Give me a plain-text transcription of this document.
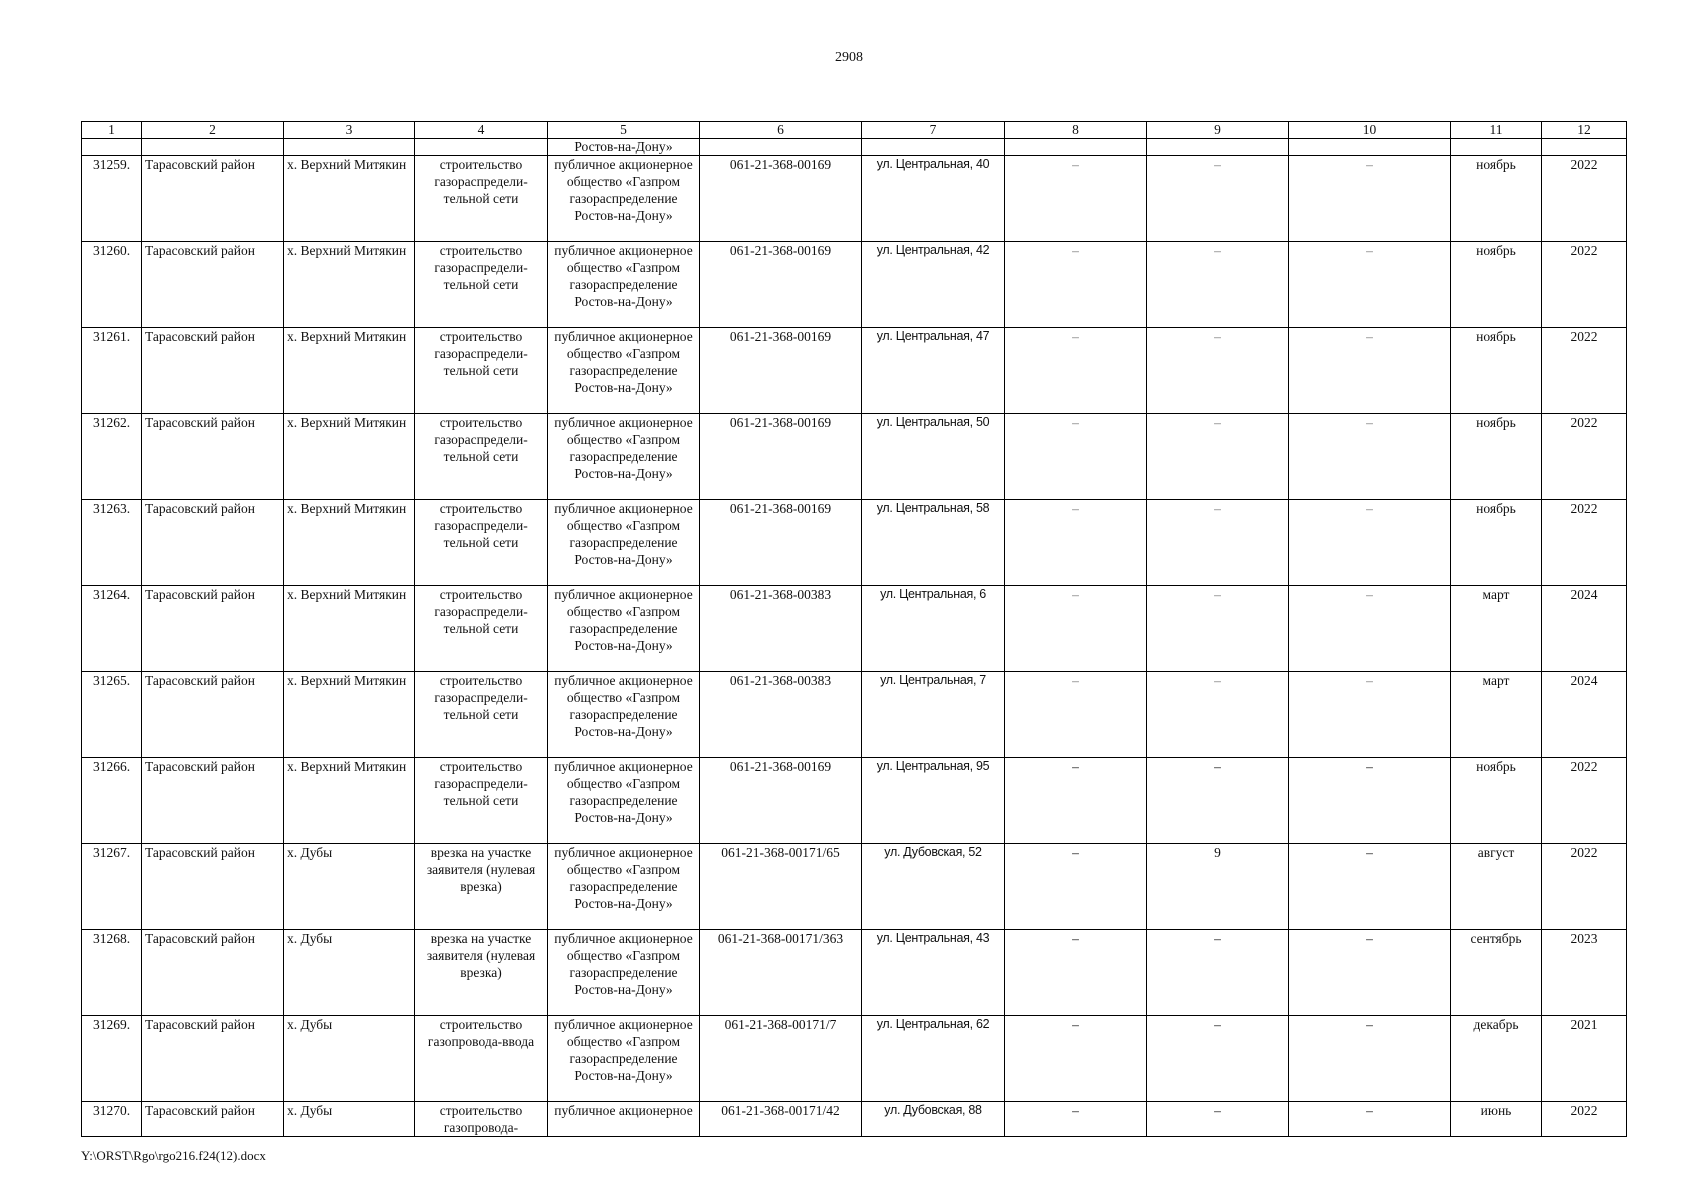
2908
1	2	3	4	5	6	7	8	9	10	11	12
				Ростов-на-Дону»							
31259.	Тарасовский район	х. Верхний Митякин	строительство газораспредели-тельной сети	публичное акционерное общество «Газпром газораспределение Ростов-на-Дону»	061-21-368-00169	ул. Центральная, 40	–	–	–	ноябрь	2022
31260.	Тарасовский район	х. Верхний Митякин	строительство газораспредели-тельной сети	публичное акционерное общество «Газпром газораспределение Ростов-на-Дону»	061-21-368-00169	ул. Центральная, 42	–	–	–	ноябрь	2022
31261.	Тарасовский район	х. Верхний Митякин	строительство газораспредели-тельной сети	публичное акционерное общество «Газпром газораспределение Ростов-на-Дону»	061-21-368-00169	ул. Центральная, 47	–	–	–	ноябрь	2022
31262.	Тарасовский район	х. Верхний Митякин	строительство газораспредели-тельной сети	публичное акционерное общество «Газпром газораспределение Ростов-на-Дону»	061-21-368-00169	ул. Центральная, 50	–	–	–	ноябрь	2022
31263.	Тарасовский район	х. Верхний Митякин	строительство газораспредели-тельной сети	публичное акционерное общество «Газпром газораспределение Ростов-на-Дону»	061-21-368-00169	ул. Центральная, 58	–	–	–	ноябрь	2022
31264.	Тарасовский район	х. Верхний Митякин	строительство газораспредели-тельной сети	публичное акционерное общество «Газпром газораспределение Ростов-на-Дону»	061-21-368-00383	ул. Центральная, 6	–	–	–	март	2024
31265.	Тарасовский район	х. Верхний Митякин	строительство газораспредели-тельной сети	публичное акционерное общество «Газпром газораспределение Ростов-на-Дону»	061-21-368-00383	ул. Центральная, 7	–	–	–	март	2024
31266.	Тарасовский район	х. Верхний Митякин	строительство газораспредели-тельной сети	публичное акционерное общество «Газпром газораспределение Ростов-на-Дону»	061-21-368-00169	ул. Центральная, 95	–	–	–	ноябрь	2022
31267.	Тарасовский район	х. Дубы	врезка на участке заявителя (нулевая врезка)	публичное акционерное общество «Газпром газораспределение Ростов-на-Дону»	061-21-368-00171/65	ул. Дубовская, 52	–	9	–	август	2022
31268.	Тарасовский район	х. Дубы	врезка на участке заявителя (нулевая врезка)	публичное акционерное общество «Газпром газораспределение Ростов-на-Дону»	061-21-368-00171/363	ул. Центральная, 43	–	–	–	сентябрь	2023
31269.	Тарасовский район	х. Дубы	строительство газопровода-ввода	публичное акционерное общество «Газпром газораспределение Ростов-на-Дону»	061-21-368-00171/7	ул. Центральная, 62	–	–	–	декабрь	2021
31270.	Тарасовский район	х. Дубы	строительство газопровода-	публичное акционерное	061-21-368-00171/42	ул. Дубовская, 88	–	–	–	июнь	2022
Y:\ORST\Rgo\rgo216.f24(12).docx
